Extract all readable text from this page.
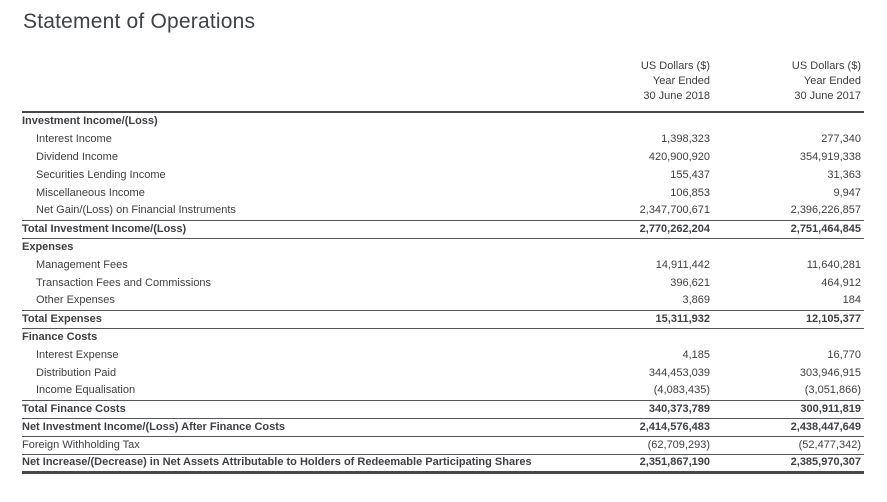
Statement of Operations

US Dollars ($)
Year Ended
30 June 2018

US Dollars ($)
Year Ended
30 June 2017

Investment Income/(Loss)		
Interest Income	1,398,323	277,340
Dividend Income	420,900,920	354,919,338
Securities Lending Income	155,437	31,363
Miscellaneous Income	106,853	9,947
Net Gain/(Loss) on Financial Instruments	2,347,700,671	2,396,226,857
Total Investment Income/(Loss)	2,770,262,204	2,751,464,845
Expenses		
Management Fees	14,911,442	11,640,281
Transaction Fees and Commissions	396,621	464,912
Other Expenses	3,869	184
Total Expenses	15,311,932	12,105,377
Finance Costs		
Interest Expense	4,185	16,770
Distribution Paid	344,453,039	303,946,915
Income Equalisation	(4,083,435)	(3,051,866)
Total Finance Costs	340,373,789	300,911,819
Net Investment Income/(Loss) After Finance Costs	2,414,576,483	2,438,447,649
Foreign Withholding Tax	(62,709,293)	(52,477,342)
Net Increase/(Decrease) in Net Assets Attributable to Holders of Redeemable Participating Shares	2,351,867,190	2,385,970,307
